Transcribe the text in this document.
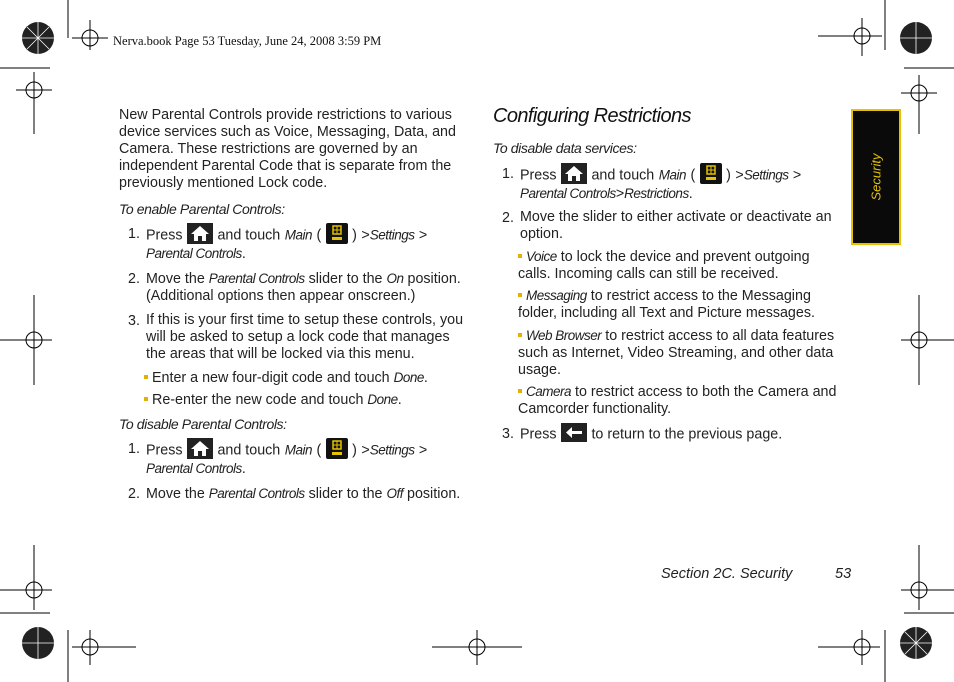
Nerva.book Page 53 Tuesday, June 24, 2008 3:59 PM
Security

New Parental Controls provide restrictions to various device services such as Voice, Messaging, Data, and Camera. These restrictions are governed by an independent Parental Code that is separate from the previously mentioned Lock code.

To enable Parental Controls:
1. Press and touch Main ( ) >Settings >
Parental Controls.
2. Move the Parental Controls slider to the On position. (Additional options then appear onscreen.)
3. If this is your first time to setup these controls, you will be asked to setup a lock code that manages the areas that will be locked via this menu.
Enter a new four-digit code and touch Done.
Re-enter the new code and touch Done.
To disable Parental Controls:
1. Press and touch Main ( ) >Settings >
Parental Controls.
2. Move the Parental Controls slider to the Off position.
Configuring Restrictions
To disable data services:
1. Press and touch Main ( ) >Settings >
Parental Controls>Restrictions.
2. Move the slider to either activate or deactivate an option.
Voice to lock the device and prevent outgoing calls. Incoming calls can still be received.
Messaging to restrict access to the Messaging folder, including all Text and Picture messages.
Web Browser to restrict access to all data features such as Internet, Video Streaming, and other data usage.
Camera to restrict access to both the Camera and Camcorder functionality.
3. Press to return to the previous page.
Section 2C. Security	53
